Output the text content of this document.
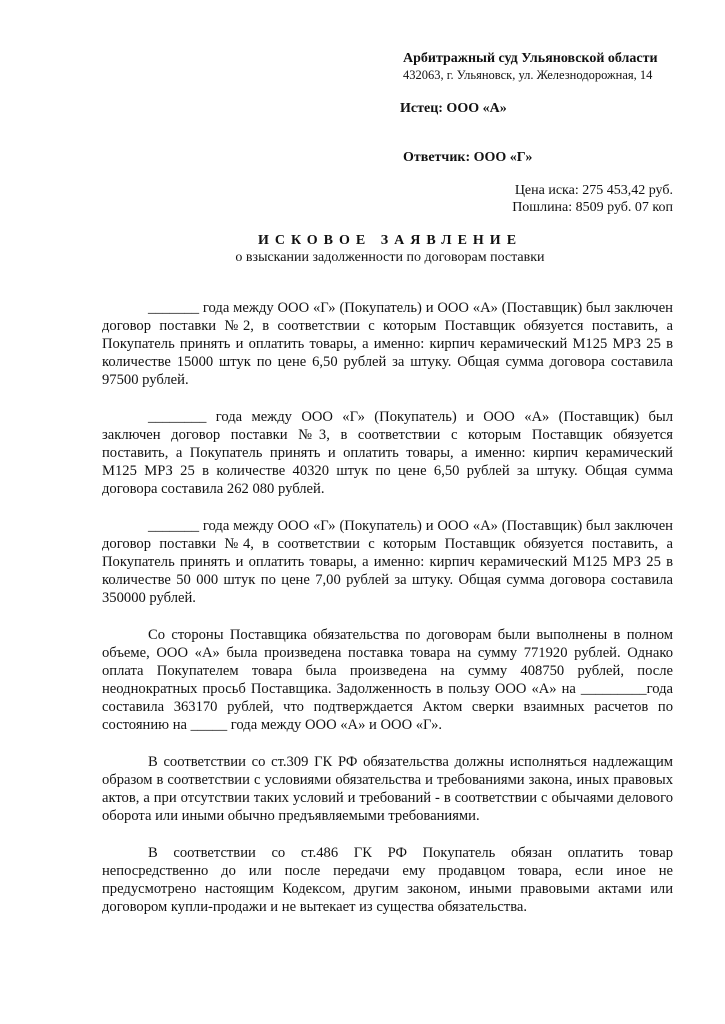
Арбитражный суд Ульяновской области
432063, г. Ульяновск, ул. Железнодорожная, 14
Истец: ООО «А»
Ответчик: ООО «Г»
Цена иска: 275 453,42 руб.
Пошлина: 8509 руб. 07 коп
ИСКОВОЕ ЗАЯВЛЕНИЕ
о взыскании задолженности по договорам поставки

_______ года между ООО «Г» (Покупатель) и ООО «А» (Поставщик) был заключен договор поставки №2, в соответствии с которым Поставщик обязуется поставить, а Покупатель принять и оплатить товары, а именно: кирпич керамический М125 МРЗ 25 в количестве 15000 штук по цене 6,50 рублей за штуку. Общая сумма договора составила 97500 рублей.

________ года между ООО «Г» (Покупатель) и ООО «А» (Поставщик) был заключен договор поставки №3, в соответствии с которым Поставщик обязуется поставить, а Покупатель принять и оплатить товары, а именно: кирпич керамический М125 МРЗ 25 в количестве 40320 штук по цене 6,50 рублей за штуку. Общая сумма договора составила 262 080 рублей.

_______ года между ООО «Г» (Покупатель) и ООО «А» (Поставщик) был заключен договор поставки №4, в соответствии с которым Поставщик обязуется поставить, а Покупатель принять и оплатить товары, а именно: кирпич керамический М125 МРЗ 25 в количестве 50 000 штук по цене 7,00 рублей за штуку. Общая сумма договора составила 350000 рублей.

Со стороны Поставщика обязательства по договорам были выполнены в полном объеме, ООО «А» была произведена поставка товара на сумму 771920 рублей. Однако оплата Покупателем товара была произведена на сумму 408750 рублей, после неоднократных просьб Поставщика. Задолженность в пользу ООО «А» на _________года составила 363170 рублей, что подтверждается Актом сверки взаимных расчетов по состоянию на _____ года между ООО «А» и ООО «Г».

В соответствии со ст.309 ГК РФ обязательства должны исполняться надлежащим образом в соответствии с условиями обязательства и требованиями закона, иных правовых актов, а при отсутствии таких условий и требований - в соответствии с обычаями делового оборота или иными обычно предъявляемыми требованиями.

В соответствии со ст.486 ГК РФ Покупатель обязан оплатить товар непосредственно до или после передачи ему продавцом товара, если иное не предусмотрено настоящим Кодексом, другим законом, иными правовыми актами или договором купли-продажи и не вытекает из существа обязательства.
